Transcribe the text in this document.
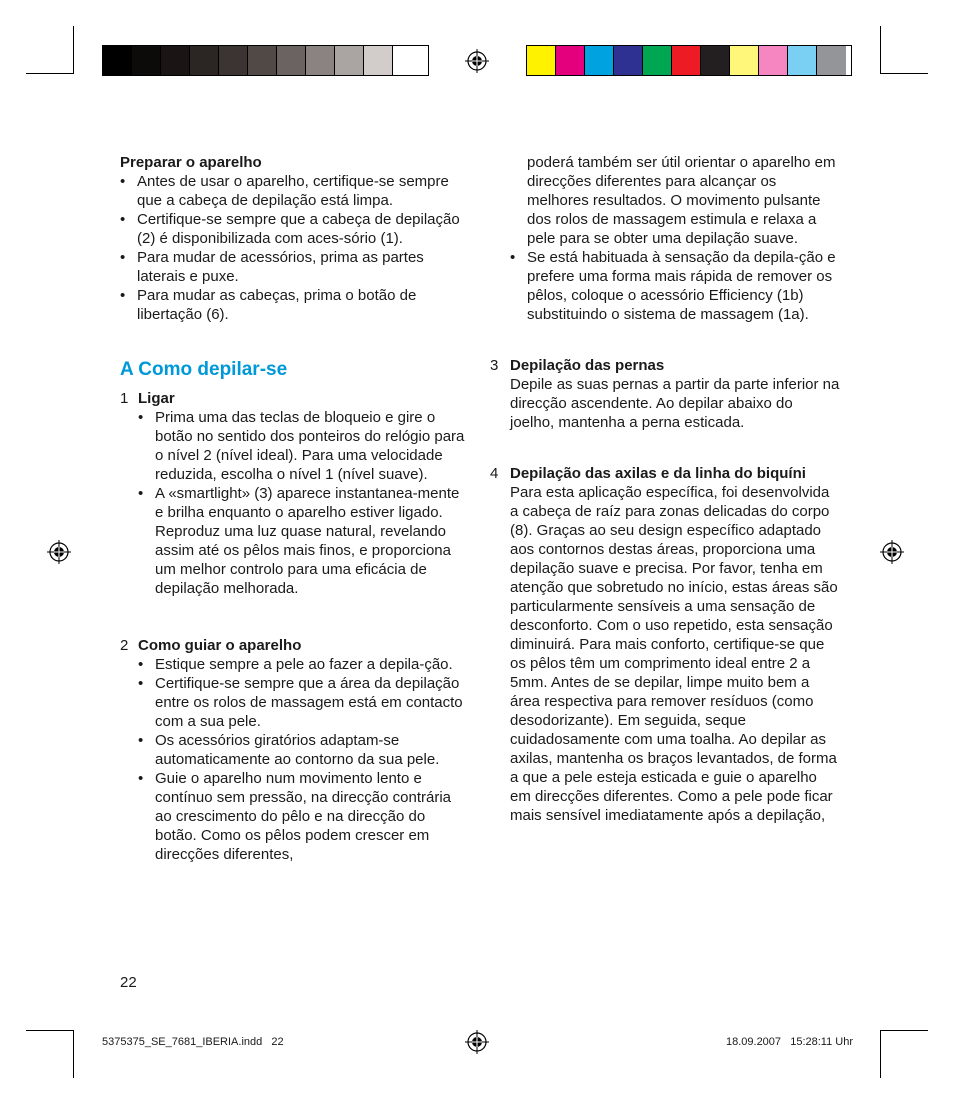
Preparar o aparelho

• Antes de usar o aparelho, certifique-se sempre que a cabeça de depilação está limpa.
• Certifique-se sempre que a cabeça de depilação (2) é disponibilizada com aces-sório (1).
• Para mudar de acessórios, prima as partes laterais e puxe.
• Para mudar as cabeças, prima o botão de libertação (6).
A Como depilar-se
1 Ligar

• Prima uma das teclas de bloqueio e gire o botão no sentido dos ponteiros do relógio para o nível 2 (nível ideal). Para uma velocidade reduzida, escolha o nível 1 (nível suave).
• A «smartlight» (3) aparece instantanea-mente e brilha enquanto o aparelho estiver ligado. Reproduz uma luz quase natural, revelando assim até os pêlos mais finos, e proporciona um melhor controlo para uma eficácia de depilação melhorada.
2 Como guiar o aparelho

• Estique sempre a pele ao fazer a depila-ção.
• Certifique-se sempre que a área da depilação entre os rolos de massagem está em contacto com a sua pele.
• Os acessórios giratórios adaptam-se automaticamente ao contorno da sua pele.
• Guie o aparelho num movimento lento e contínuo sem pressão, na direcção contrária ao crescimento do pêlo e na direcção do botão. Como os pêlos podem crescer em direcções diferentes,
22

poderá também ser útil orientar o aparelho em direcções diferentes para alcançar os melhores resultados. O movimento pulsante dos rolos de massagem estimula e relaxa a pele para se obter uma depilação suave.

• Se está habituada à sensação da depila-ção e prefere uma forma mais rápida de remover os pêlos, coloque o acessório Efficiency (1b) substituindo o sistema de massagem (1a).
3 Depilação das pernas

Depile as suas pernas a partir da parte inferior na direcção ascendente. Ao depilar abaixo do joelho, mantenha a perna esticada.

4 Depilação das axilas e da linha do biquíni

Para esta aplicação específica, foi desenvolvida a cabeça de raíz para zonas delicadas do corpo (8). Graças ao seu design específico adaptado aos contornos destas áreas, proporciona uma depilação suave e precisa. Por favor, tenha em atenção que sobretudo no início, estas áreas são particularmente sensíveis a uma sensação de desconforto. Com o uso repetido, esta sensação diminuirá. Para mais conforto, certifique-se que os pêlos têm um comprimento ideal entre 2 a 5mm. Antes de se depilar, limpe muito bem a área respectiva para remover resíduos (como desodorizante). Em seguida, seque cuidadosamente com uma toalha. Ao depilar as axilas, mantenha os braços levantados, de forma a que a pele esteja esticada e guie o aparelho em direcções diferentes. Como a pele pode ficar mais sensível imediatamente após a depilação,

5375375_SE_7681_IBERIA.indd   22	18.09.2007   15:28:11 Uhr
